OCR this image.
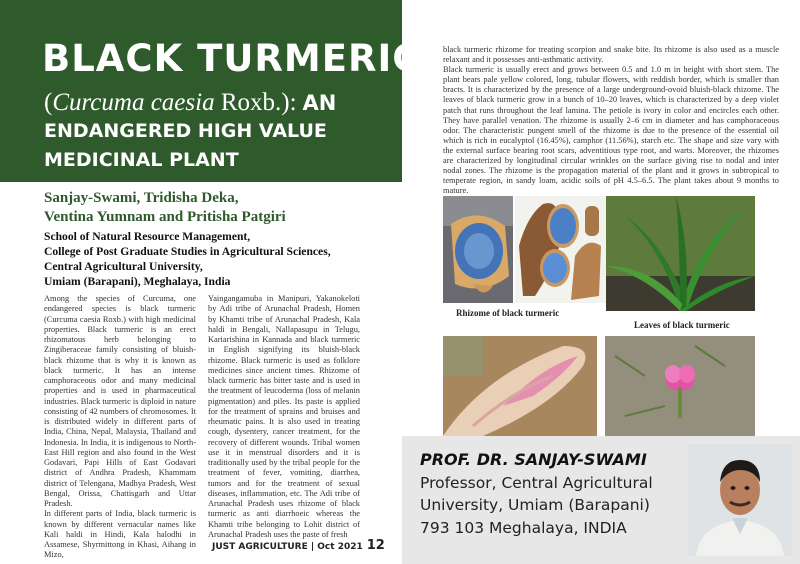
BLACK TURMERIC
(Curcuma caesia Roxb.): AN
ENDANGERED HIGH VALUE
MEDICINAL PLANT
Sanjay-Swami, Tridisha Deka,
Ventina Yumnam and Pritisha Patgiri
School of Natural Resource Management,
College of Post Graduate Studies in Agricultural Sciences,
Central Agricultural University,
Umiam (Barapani), Meghalaya, India

Among the species of Curcuma, one endangered species is black turmeric (Curcuma caesia Roxb.) with high medicinal properties. Black turmeric is an erect rhizomatous herb belonging to Zingiberaceae family consisting of bluish-black rhizome that is why it is known as black turmeric. It has an intense camphoraceous odor and many medicinal properties and is used in pharmaceutical industries. Black turmeric is diploid in nature consisting of 42 numbers of chromosomes. It is distributed widely in different parts of India, China, Nepal, Malaysia, Thailand and Indonesia. In India, it is indigenous to North-East Hill region and also found in the West Godavari, Papi Hills of East Godavari district of Andhra Pradesh, Khammam district of Telengana, Madhya Pradesh, West Bengal, Orissa, Chattisgarh and Uttar Pradesh.

In different parts of India, black turmeric is known by different vernacular names like Kali haldi in Hindi, Kala halodhi in Assamese, Shyrmittong in Khasi, Aihang in Mizo,

Yaingangamuba in Manipuri, Yakanokeloti by Adi tribe of Arunachal Pradesh, Homen by Khamti tribe of Arunachal Pradesh, Kala haldi in Bengali, Nallapasupu in Telugu, Kariarishina in Kannada and black turmeric in English signifying its bluish-black rhizome. Black turmeric is used as folklore medicines since ancient times. Rhizome of black turmeric has bitter taste and is used in the treatment of leucoderma (loss of melanin pigmentation) and piles. Its paste is applied for the treatment of sprains and bruises and rheumatic pains. It is also used in treating cough, dysentery, cancer treatment, for the recovery of different wounds. Tribal women use it in menstrual disorders and it is traditionally used by the tribal people for the treatment of fever, vomiting, diarrhea, tumors and for the treatment of sexual diseases, inflammation, etc. The Adi tribe of Arunachal Pradesh uses rhizome of black turmeric as anti diarrhoeic whereas the Khamti tribe belonging to Lohit district of Arunachal Pradesh uses the paste of fresh

black turmeric rhizome for treating scorpion and snake bite. Its rhizome is also used as a muscle relaxant and it possesses anti-asthmatic activity.

Black turmeric is usually erect and grows between 0.5 and 1.0 m in height with short stem. The plant bears pale yellow colored, long, tubular flowers, with reddish border, which is smaller than bracts. It is characterized by the presence of a large underground-ovoid bluish-black rhizome. The leaves of black turmeric grow in a bunch of 10–20 leaves, which is characterized by a deep violet patch that runs throughout the leaf lamina. The petiole is ivory in color and encircles each other. They have parallel venation. The rhizome is usually 2–6 cm in diameter and has camphoraceous odor. The characteristic pungent smell of the rhizome is due to the presence of the essential oil which is rich in eucalyptol (16.45%), camphor (11.56%), starch etc. The shape and size vary with the external surface bearing root scars, adventitious type root, and warts. Moreover, the rhizomes are characterized by longitudinal circular wrinkles on the surface giving rise to nodal and inter nodal zones. The rhizome is the propagation material of the plant and it grows in subtropical to temperate region, in sandy loam, acidic soils of pH 4.5–6.5. The plant takes about 9 months to mature.

JUST AGRICULTURE | Oct 2021 12
Rhizome of black turmeric
Leaves of black turmeric
PROF. DR. SANJAY-SWAMI
Professor, Central Agricultural
University, Umiam (Barapani)
793 103 Meghalaya, INDIA
